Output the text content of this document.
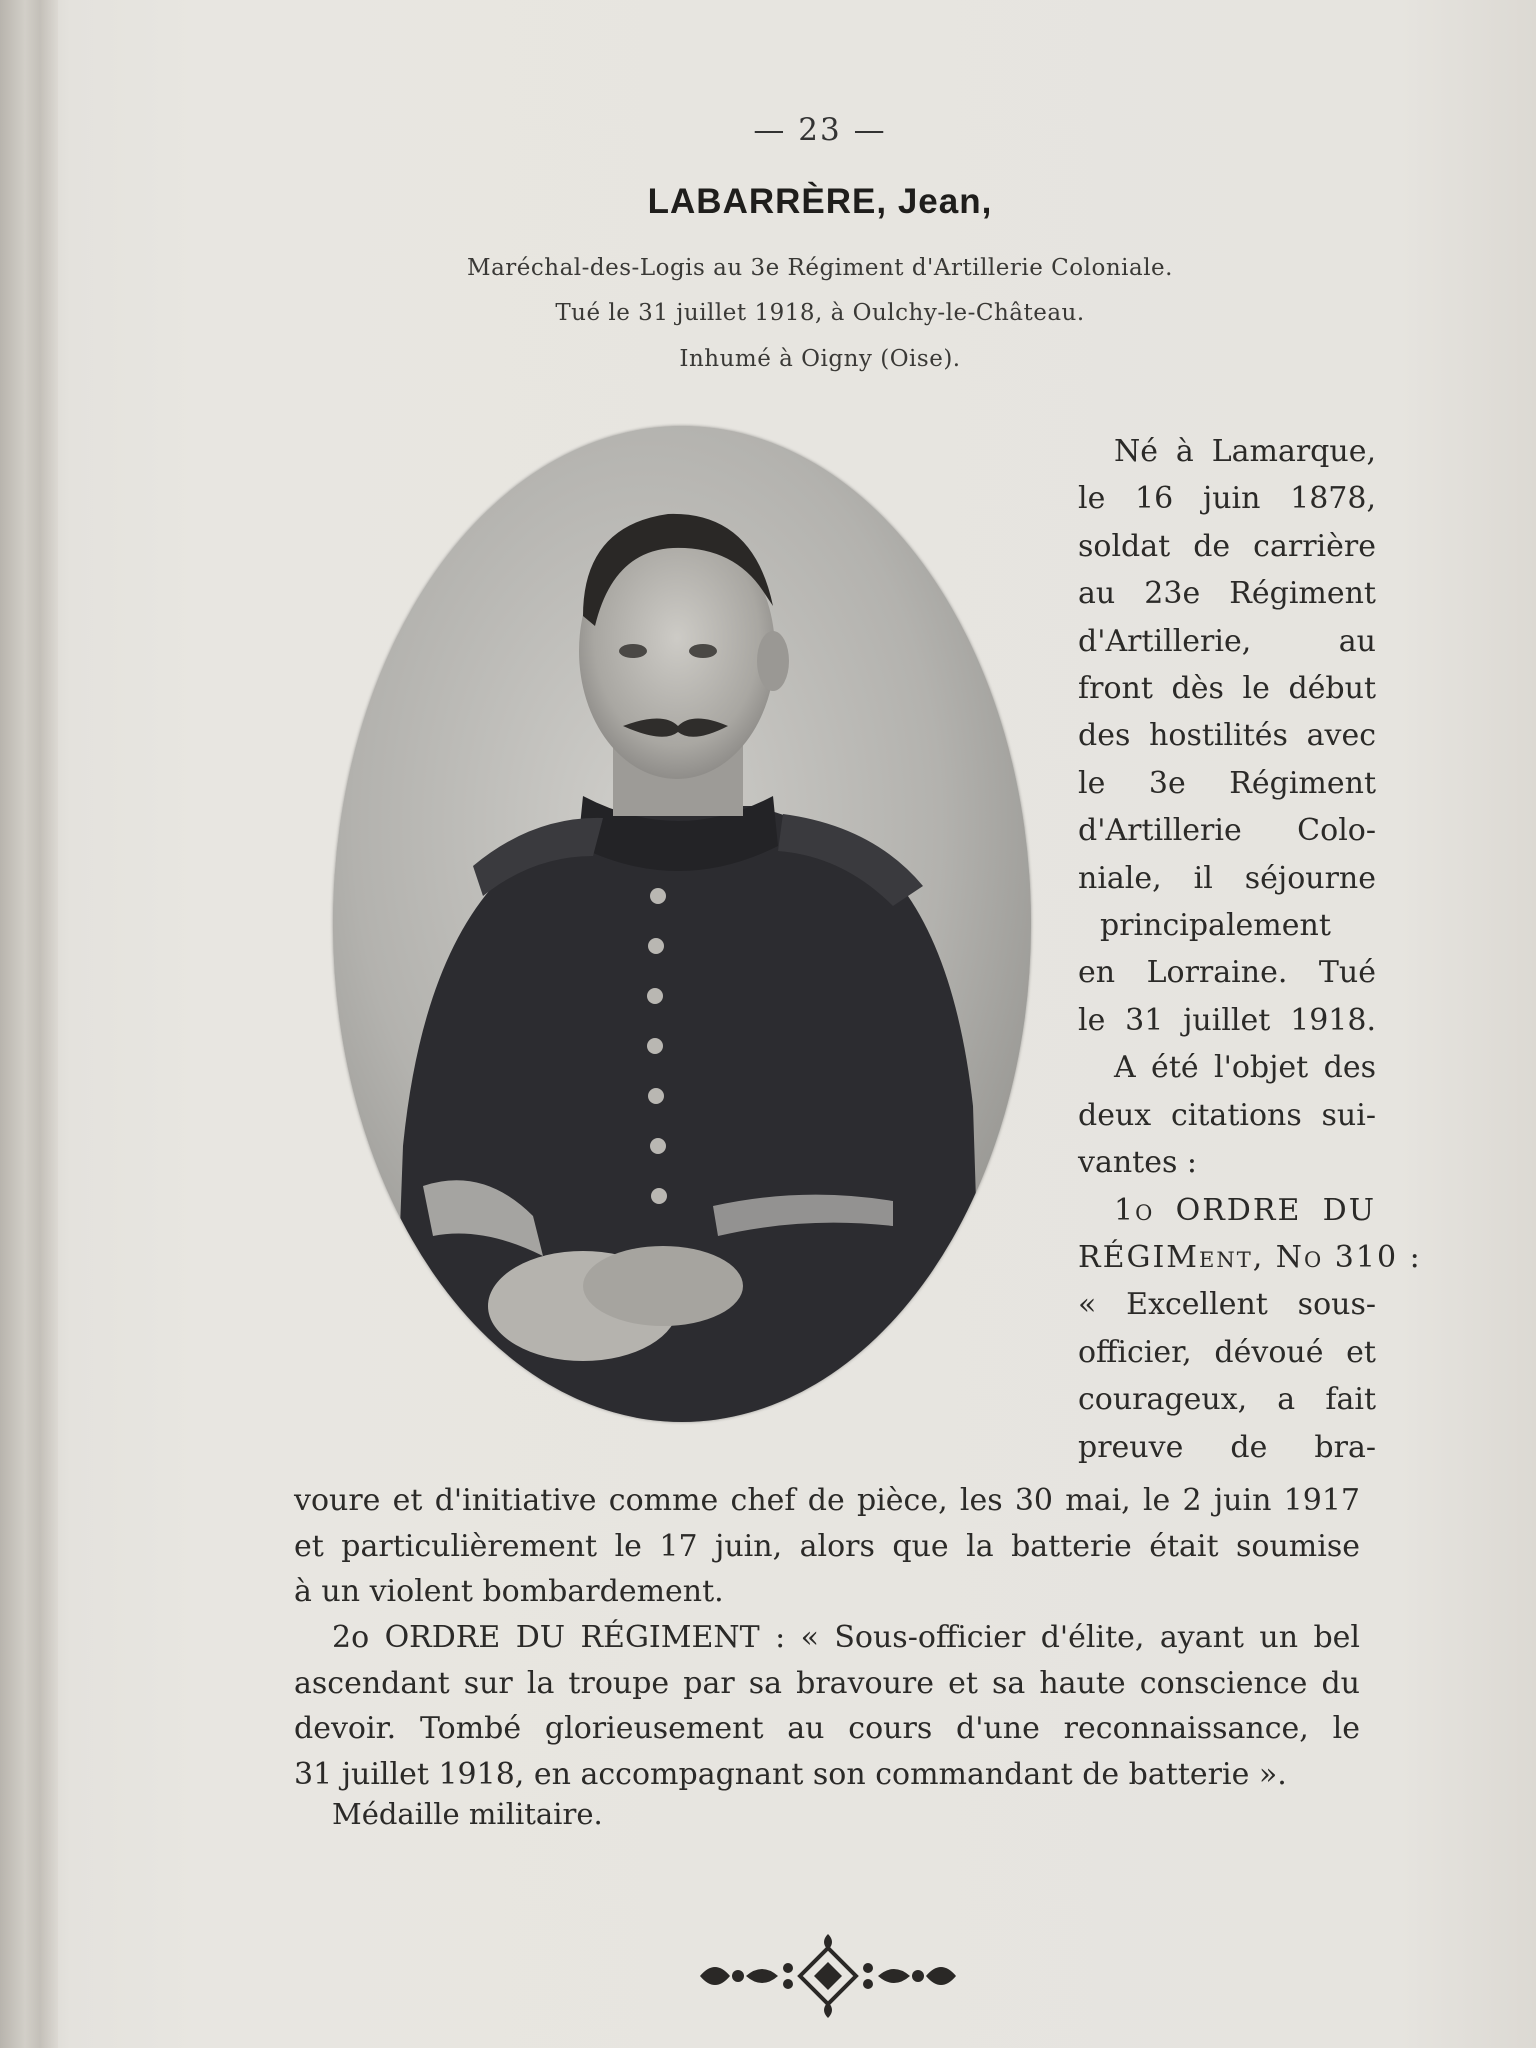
— 23 —
LABARRÈRE, Jean,
Maréchal-des-Logis au 3e Régiment d'Artillerie Coloniale.
Tué le 31 juillet 1918, à Oulchy-le-Château.
Inhumé à Oigny (Oise).
Né à Lamarque,
le 16 juin 1878,
soldat de carrière
au 23e Régiment
d'Artillerie, au
front dès le début
des hostilités avec
le 3e Régiment
d'Artillerie Colo-
niale, il séjourne
principalement
en Lorraine. Tué
le 31 juillet 1918.
A été l'objet des
deux citations sui-
vantes :
1o ORDRE DU
RÉGIMent, No 310 :
« Excellent sous-
officier, dévoué et
courageux, a fait
preuve de bra-
voure et d'initiative comme chef de pièce, les 30 mai, le 2 juin 1917
et particulièrement le 17 juin, alors que la batterie était soumise
à un violent bombardement.
2o ORDRE DU RÉGIMENT : « Sous-officier d'élite, ayant un bel
ascendant sur la troupe par sa bravoure et sa haute conscience du
devoir. Tombé glorieusement au cours d'une reconnaissance, le
31 juillet 1918, en accompagnant son commandant de batterie ».
Médaille militaire.
